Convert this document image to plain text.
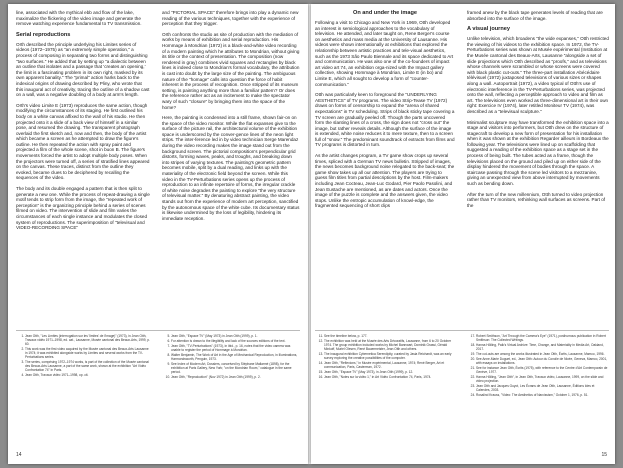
line, associated with the mythical ebb and flow of the lake, maximalize the flickering of the video image and generate the remove watching experience fundamental to TV transmission.

Serial reproductions

Orth described the principle underlying his Limites series of videos (1972–1975) as "an extremely simple operation," a process of composing in separating two forms and distinguishing "two surfaces." He added that by setting up "a dialectic between an outline that isolates and a passage that 'creates an opening,' the limit is a fascinating problem in its own right, masked by its own apparent banality." The "primal" action harks back to the indexical origins of drawing described by Pliny, who wrote that this inaugural act of creativity, tracing the outline of a shadow cast on a wall, was a negative doubling of a body at arm's length.

Orth's video Limite E (1973) reproduces the same action, though modifying the circumstances of its staging. He first outlined his body on a white canvas affixed to the wall of his studio. He then projected onto it a slide of a back view of himself in a similar pose, and resumed the drawing. The transparent photograph overlaid the first sketch and, now and then, the body of the artist which became a screen as he attempted to draw the figure's outline. He then repeated the action with spray paint and projected a film of the whole scene, shot in buon B. The figure's movements forced the artist to adopt multiple body poses. When the projectors were turned off, a series of stratified lines appeared on the canvas. These traces, distinct from the outline they evoked, became clues to be deciphered by recalling the sequences of the video.

The body and its double engaged a pattern that is then split to generate a new one. While the process of repeat-drawing a single motif tends to strip form from the image, the "repeated work of perception" is the organizing principle behind a series of scenes filmed on video. The intervention of slide and film varies the circumstances of each single instance and modulates the closed system of reproductions. The superimposition of "televisual and VIDEO-RECORDING SPACE"

and "PICTORIAL SPACE" therefore brings into play a dynamic new reading of the various techniques, together with the experience of perception that they trigger.

Orth confronts the studio as site of production with the mediation of works by means of exhibition and serial reproduction. His Hommage à Mondrian (1972) is a black-and-white video recording of a modern painting which he attributes to Mondrian, without giving its title or the context of presentation. The composition (now rendered in gray) combines vivid squares and rectangles by black lines is indeed close to Mondrian's formal vocabulary, the attribution is cast into doubt by the large size of the painting. The ambiguous nature of the "homage" calls into question the force of habit inherent in the process of recognition. Once stripped of its museum setting, is painting anything more than a familiar pattern? Or does the reference rather act as an incitement to make the spectator wary of such "closure" by bringing them into the space of the home?

Here, the painting is condensed into a still frame, shown fair-on on the space of the video monitor. While the flat expanses give to the surface of the picture rail, the architectural volume of the exhibition space is underscored by the conver-gence lines of the neon light strips. The inter-ference led in by video technician Serge Marendaz during the video recording makes the image stand out from the background screen. The pictorial composition's perpendicular grid distorts, forming waves, peaks, and troughs, and breaking down into stripes of varying textures. The painting's geometric pattern becomes mobile, split by a dual reading, and links up with the materiality of the electronic field beyond the screen. While this video in the TV-Perturbations series opens up the process of reproduction to an infinite repertoire of forms, the irregular crackle of white noise degrades the painting to explore "the very structure of televisual matter." By denaturing abstract painting, the video stands out from the experience of modern art perception, sanctified by the autonomous space of the white cube. Its documentary status is likewise undermined by the loss of legibility, hindering its immediate reception.

1. Jean Otth, "Les Limites (interrogation sur les 'limites' de l'image)" (1973), in Jean Otth, Travaux vidéo 1971–1998, ed. cat., Lausanne, Musée cantonal des Beaux-Arts, 1999, p. 60.
2. This work was the first video acquired by the Musée cantonal des Beaux-Arts Lausanne in 1974; it was exhibited alongside works by Limites and several works from the TV-Perturbations series.
3. The series, comprising 1972–1974 works, is part of the collection of the Musée cantonal des Beaux-Arts Lausanne, a part of the same work, shown at the exhibition "Art Vidéo Confrontation 74" in Paris.
4. Jean Otth, Travaux vidéo 1971–1998, op. cit.
5. Jean Otth, "Espace TV" (May 1973) in Jean Otth (1999), p. 1.
6. For attention is drawn to the illegibility and lack of the sources editions of the text.
7. Jean Otth, "TV-Perturbations" (1973), in ibid., p. 16, notes that the video camera was unable to register the period of Hommage à Mondrian.
8. Walter Benjamin, The Work of Art in the Age of Mechanical Reproduction, in Illuminations, Harmondsworth, Penguin, 1973.
9. See Index of Modern Art, Dossiers, conceived by Stéphane Mallarmé (1898), for the exhibition at Paris Gallery, New York; "on the Mondrian Room," catalogue in the same period.
10. Jean Otth, "Reproduction" (Nov 1972) in Jean Otth (1999), p. 2.
14
On and under the image

Following a visit to Chicago and New York in 1969, Otth developed an interest in semiological approaches to the vocabulary of television. He attended, and later taught on, Rene Berger's course on aesthetics and mass media at the University of Lausanne. His videos were shown internationally at exhibitions that explored the relationship between artistic practices and tele-visual aesthetics, such as the 1973 São Paulo Biennale and its space dedicated to Art and communication. He was also one of the co-founders of impact art video art 74, an exhibition orga-nized with the Impact gallery collective, showing Hommage à Mondrian, Limite E (in bo) and Limite E, which all sought to develop a form of "counter-communication."

Otth was particularly keen to foreground the "UNDERLYING AESTHETICS" of TV programs. The video Strip-Tease TV (1972) draws on forms of censorship to expand the "arena of shared expectations" in TV scheduling. Strips of black sticky tape covering a TV screen are gradually peeled off. Though the parts uncovered form the slanting lines of a cross, the sign does not "cross out" the image, but rather reveals details. Although the surface of the image is extended, white noise reduces it to mere texture, then to a screen full of "snow." The predominant soundtrack of extracts from films and TV programs is distorted in turn.

As the artist changes program, a TV game show crops up several times, spliced with a German TV news bulletin. Stripped of images, the news becomes background noise relegated to the back-seat; the game show takes up all our attention. The players are trying to guess film titles from partial descriptions by the host. Film-makers including Jean Cocteau, Jean-Luc Godard, Pier Paolo Pasolini, and Jean Eustache are mentioned, as are dates and actors. Once the image of the puzzle is complete and the answers given, the video stops. Unlike the entropic accumulation of knowl-edge, the fragmented sequencing of short clips

framed anew by the black tape generates levels of reading that are absorbed into the surface of the image.

A visual journey

Unlike television, which broadens "the wide expanses," Otth restricted the viewing of his videos to the exhibition space. In 1972, the TV-Perturbations series was shown at Musée expérimental (Institution at the Musée cantonal des Beaux-Arts, Lausanne "alongside a set of slide projections which Otth described as "proofs," and as televisions whose channels were scrambled or whose screens were covered with black plastic cut-outs." The three-part installation Abécédaire télévisuel (1972) juxtaposed televisions of various sizes or shapes along a wall. Autoportrait (1972), a video typical of Otth's use of electronic interference in the TV-Perturbations series, was projected onto the wall, reflecting a perceptible approach to video and film as art. The televisions even worked as three-dimensional art in their own right: Exercice IV (1974), later retitled Moniteur TV (1974), was described as a "televisual sculpture."

Minimalist sculpture may have transformed the exhibition space into a stage and visitors into performers, but Otth drew on the structure of stagecraft to develop a new form of presentation for his installation when it was shown at the exhibition Regarder ailleurs in Bordeaux the following year. The televisions were lined up on scaffolding that suggested a reading of the exhibition space as a stage set in the process of being built. The tubes acted as a frame, though the televisions placed on the ground and piled up on either side of the display hindered the movement of bodies through the space. A staircase passing through the scene led visitors to a mezzanine, giving an unexpected view from above interrupted by movements such as bending down.

After the turn of the new millennium, Otth turned to video projection rather than TV monitors, rethinking wall surfaces as screens. Part of the

11. See the timeline below, p. 177.
12. The exhibition was held at the Musée des Arts Décoratifs, Lausanne, from 6 to 20 October 1974. The group exhibition included works by Michel Bannwart, Dominik Grassi, Gérald Minkoff, Muriel Olesen, René Bauermeister, Jean Otth and others.
13. The inaugural exhibition Cybernetica Serendipity, curated by Jasia Reichardt, was an early survey exploring the creative possibilities of the computer.
14. Jean Otth, "Reflexions," in Musée expérimental, Lausanne, 1974; René Berger, Art et communication, Paris, Casterman, 1972.
15. Jean Otth, "Espace TV" (May 1973), in Jean Otth (1999), p. 12.
16. Jean Otth, "Notes sur la vidéo 1," in Art Vidéo Confrontation 74, Paris, 1974.
17. Robert Smithson, "Art Through the Camera's Eye" (1971), posthumous publication in Robert Smithson: The Collected Writings.
18. Hanna Hölling, Paik's Virtual Archive: Time, Change, and Materiality in Media Art, Oakland, 2017.
19. The cut-outs are among the works illustrated in Jean Otth, Écrits, Lausanne, Mamco, 1996.
20. See Anne-Marie Duguet, ed., Jean Otth: Autour du Concile de Nicée, Geneva, Mamco, 2001, with essays on installations.
21. See for instance Jean Otth, Écrits (1975), with reference to the Centre d'Art Contemporain de Genève, 1977.
22. Hanna Hölling, "Jean Otth", in Jean Otth, Travaux vidéo, Lausanne, 1999, on the slide and video projection.
23. Jean Otth and Jacques Guyot, Les Écrans de Jean Otth, Lausanne, Éditions Ides et Calendes, 2003.
24. Rosalind Krauss, "Video: The Aesthetics of Narcissism," October 1, 1976, p. 51.
15
